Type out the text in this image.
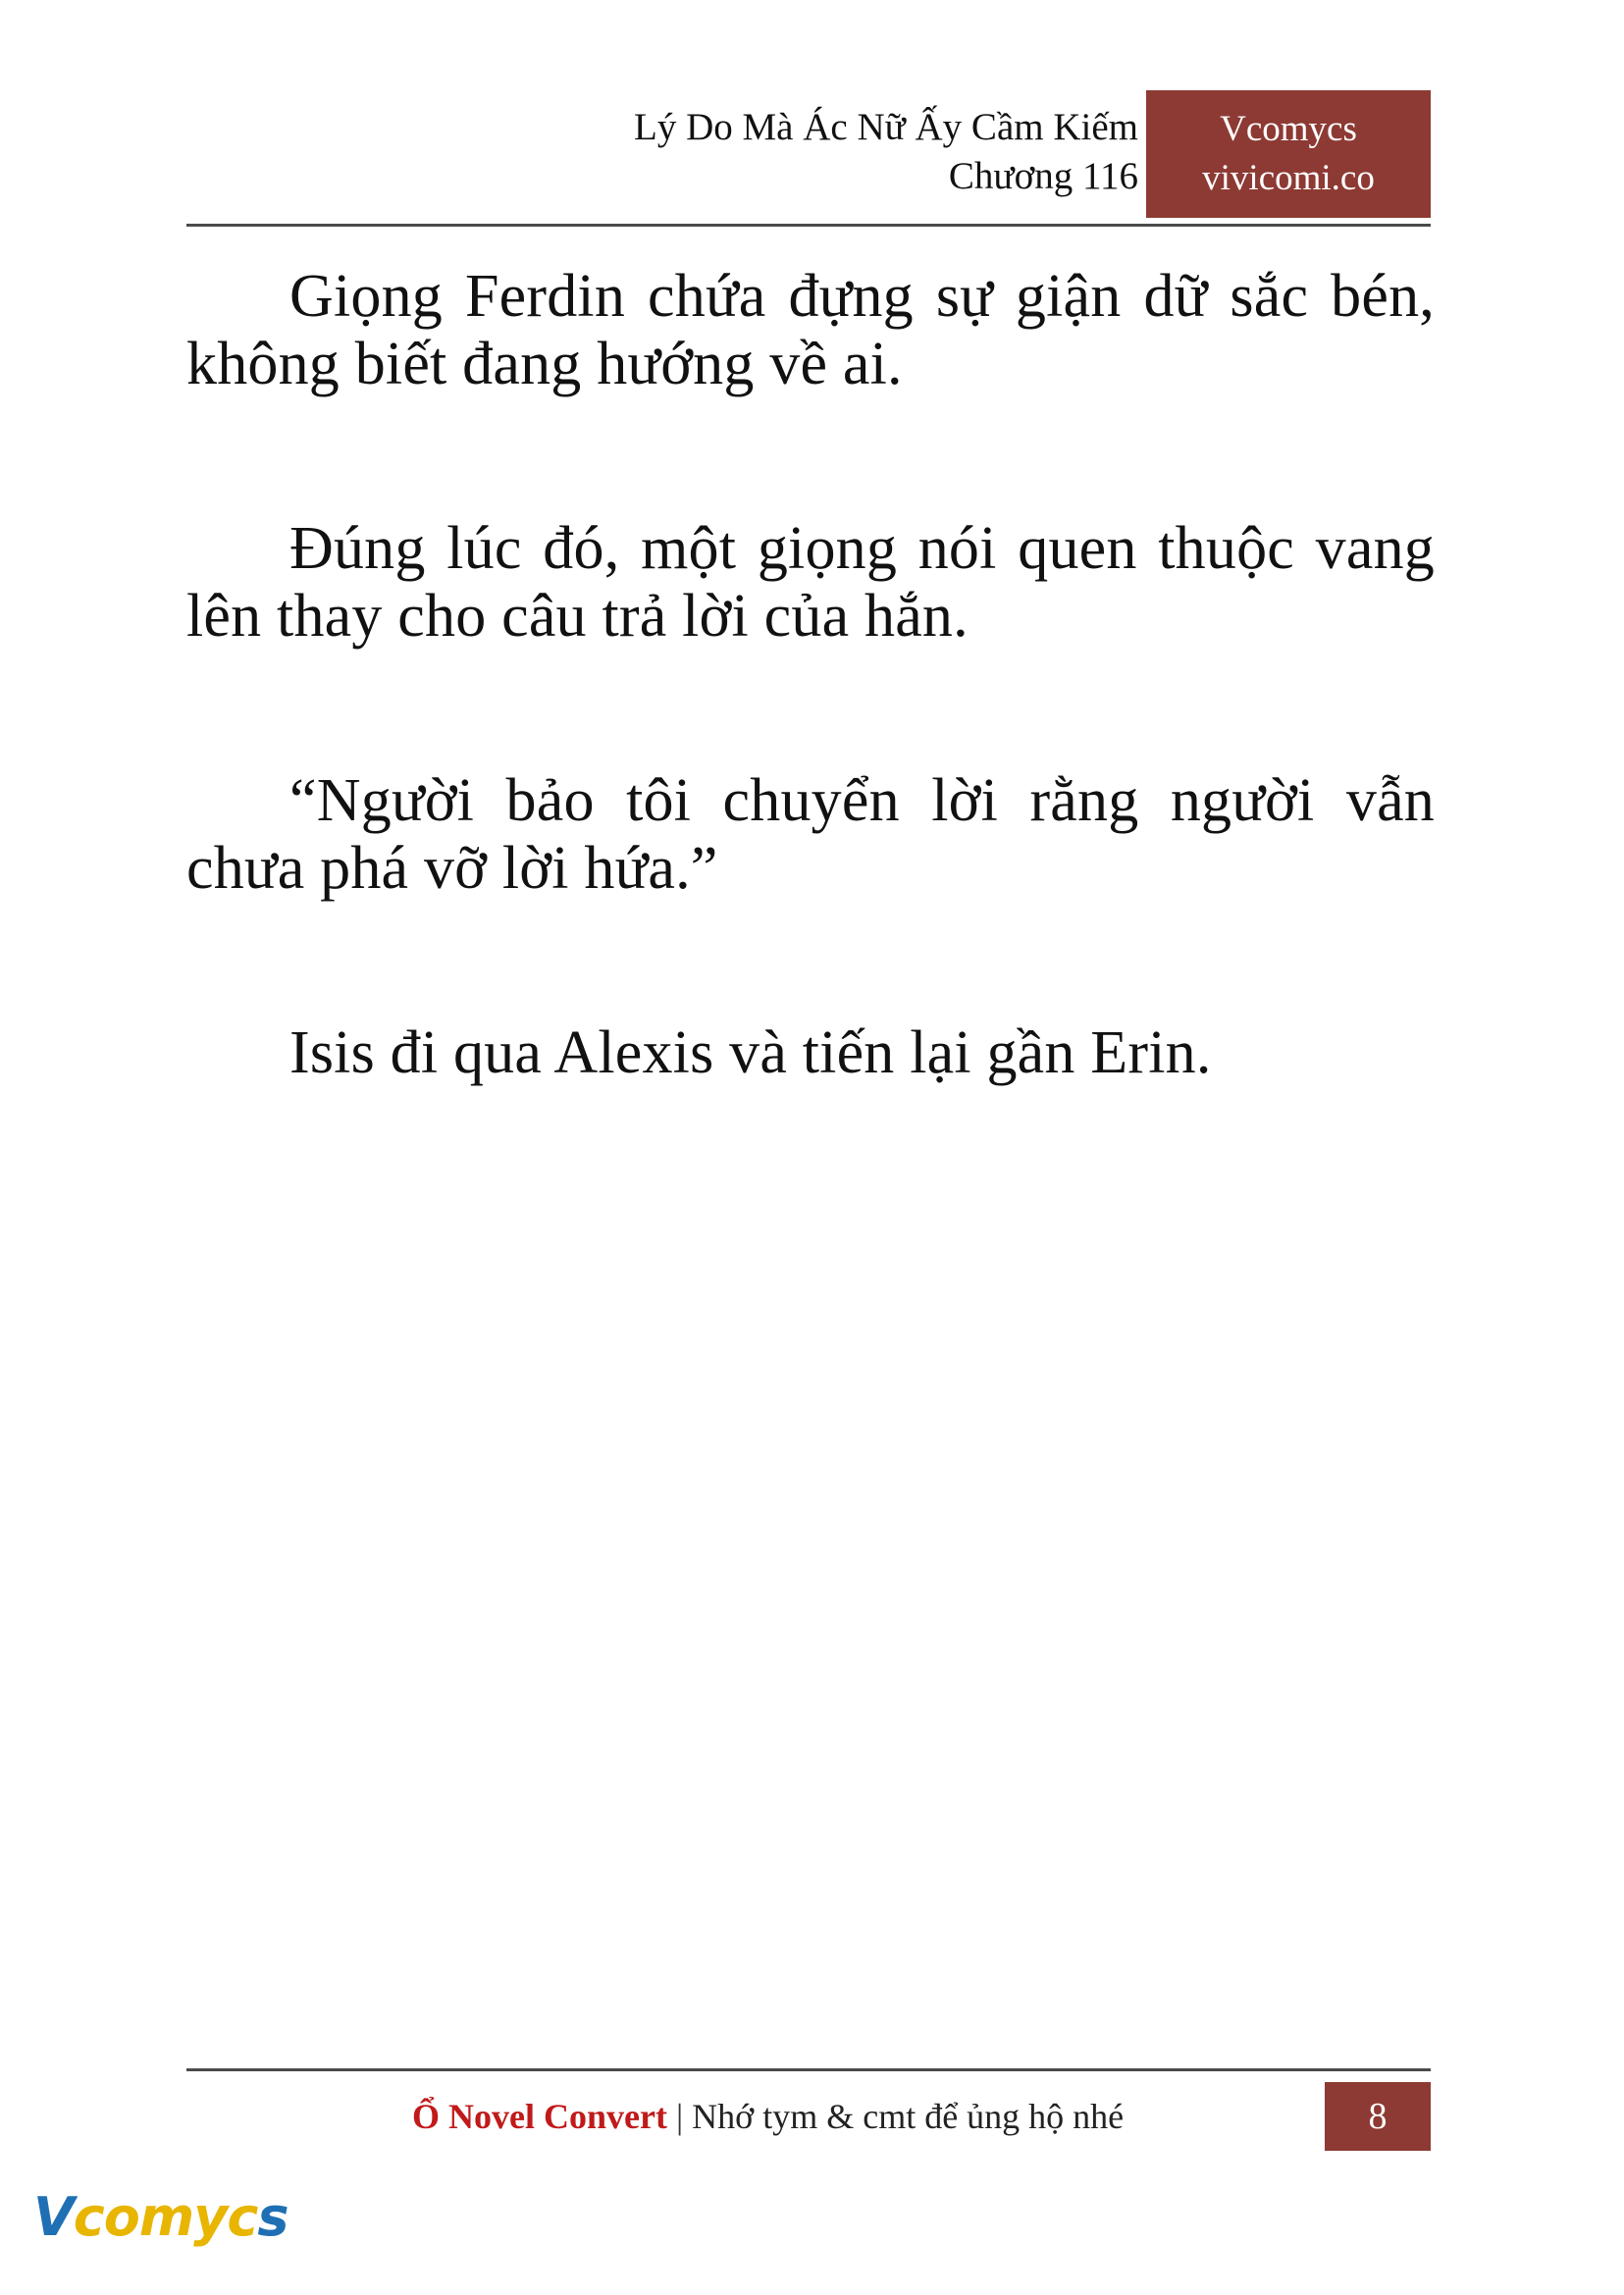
Lý Do Mà Ác Nữ Ấy Cầm Kiếm
Chương 116
Vcomycs
vivicomi.co

Giọng Ferdin chứa đựng sự giận dữ sắc bén, không biết đang hướng về ai.

Đúng lúc đó, một giọng nói quen thuộc vang lên thay cho câu trả lời của hắn.

“Người bảo tôi chuyển lời rằng người vẫn chưa phá vỡ lời hứa.”

Isis đi qua Alexis và tiến lại gần Erin.

Ổ Novel Convert | Nhớ tym & cmt để ủng hộ nhé	8
Vcomycs
